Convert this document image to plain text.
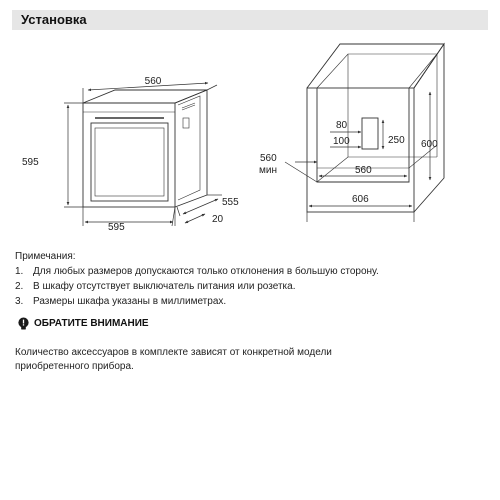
Установка
560
595
595
555
20
80
100	250 600
560
мин	560
606

Примечания:

1. Для любых размеров допускаются только отклонения в большую сторону.
2. В шкафу отсутствует выключатель питания или розетка.
3. Размеры шкафа указаны в миллиметрах.
ОБРАТИТЕ ВНИМАНИЕ
Количество аксессуаров в комплекте зависят от конкретной модели
приобретенного прибора.
